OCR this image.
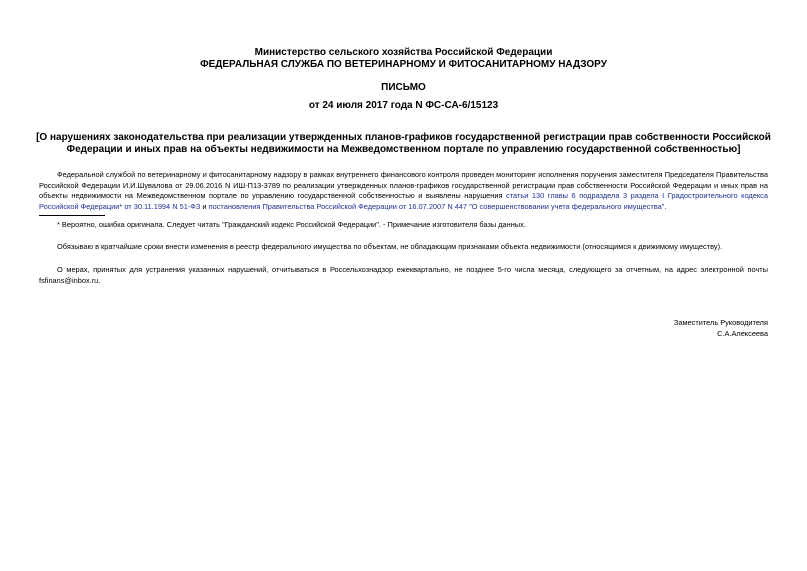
Министерство сельского хозяйства Российской Федерации
ФЕДЕРАЛЬНАЯ СЛУЖБА ПО ВЕТЕРИНАРНОМУ И ФИТОСАНИТАРНОМУ НАДЗОРУ
ПИСЬМО
от 24 июля 2017 года N ФС-СА-6/15123
[О нарушениях законодательства при реализации утвержденных планов-графиков государственной регистрации прав собственности Российской Федерации и иных прав на объекты недвижимости на Межведомственном портале по управлению государственной собственностью]
Федеральной службой по ветеринарному и фитосанитарному надзору в рамках внутреннего финансового контроля проведен мониторинг исполнения поручения заместителя Председателя Правительства Российской Федерации И.И.Шувалова от 29.06.2016 N ИШ-П13-3789 по реализации утвержденных планов-графиков государственной регистрации прав собственности Российской Федерации и иных прав на объекты недвижимости на Межведомственном портале по управлению государственной собственностью и выявлены нарушения статьи 130 главы 6 подраздела 3 раздела I Градостроительного кодекса Российской Федерации* от 30.11.1994 N 51-ФЗ и постановления Правительства Российской Федерации от 16.07.2007 N 447 "О совершенствовании учета федерального имущества".
* Вероятно, ошибка оригинала. Следует читать "Гражданский кодекс Российской Федерации". - Примечание изготовителя базы данных.
Обязываю в кратчайшие сроки внести изменения в реестр федерального имущества по объектам, не обладающим признаками объекта недвижимости (относящимся к движимому имуществу).
О мерах, принятых для устранения указанных нарушений, отчитываться в Россельхознадзор ежеквартально, не позднее 5-го числа месяца, следующего за отчетным, на адрес электронной почты fsfinans@inbox.ru.
Заместитель Руководителя
С.А.Алексеева
